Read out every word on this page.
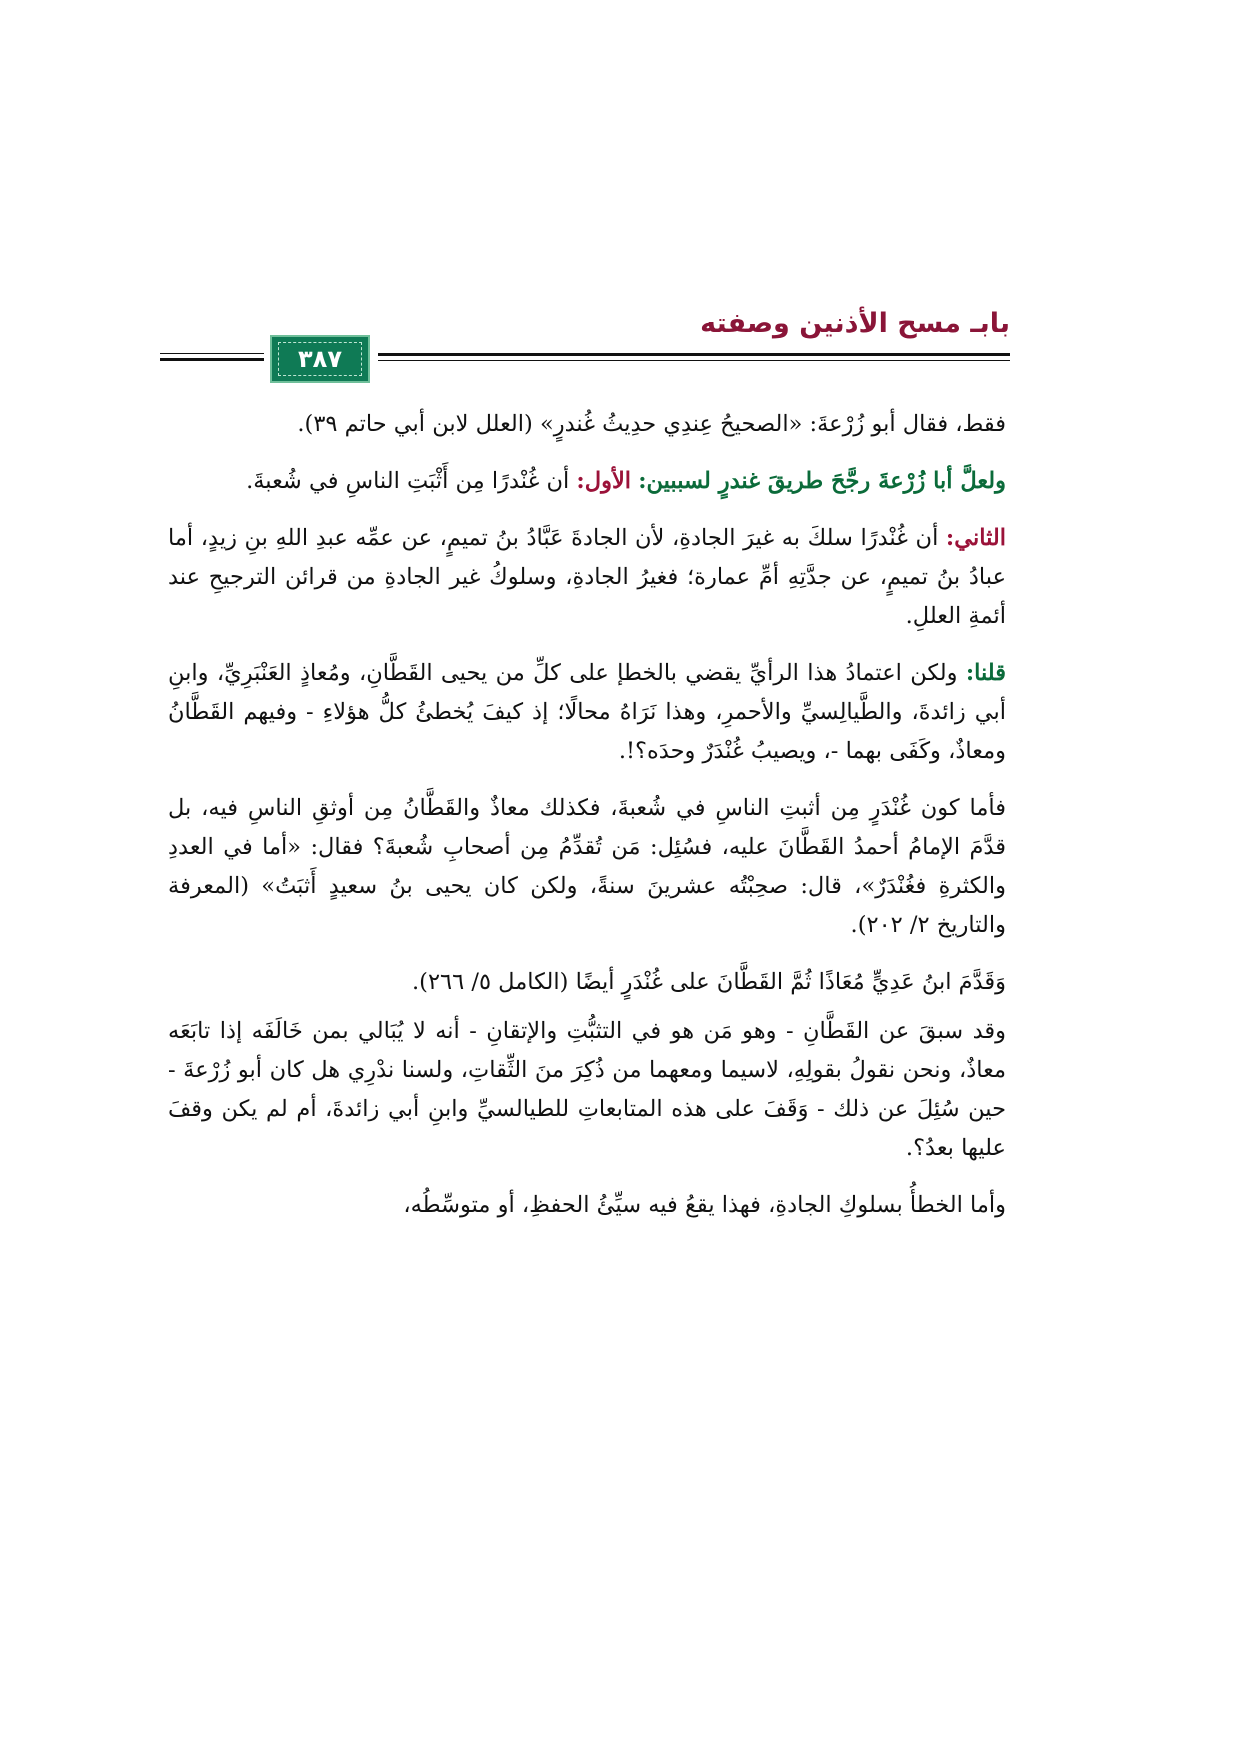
بابـ مسح الأذنين وصفته
٣٨٧

فقط، فقال أبو زُرْعةَ: «الصحيحُ عِندِي حدِيثُ غُندرٍ» (العلل لابن أبي حاتم ٣٩).

ولعلَّ أبا زُرْعةَ رجَّحَ طريقَ غندرٍ لسببين: الأول: أن غُنْدرًا مِن أَثْبَتِ الناسِ في شُعبةَ.

الثاني: أن غُنْدرًا سلكَ به غيرَ الجادةِ، لأن الجادةَ عَبَّادُ بنُ تميمٍ، عن عمِّه عبدِ اللهِ بنِ زيدٍ، أما عبادُ بنُ تميمٍ، عن جدَّتِهِ أمِّ عمارة؛ فغيرُ الجادةِ، وسلوكُ غير الجادةِ من قرائن الترجيحِ عند أئمةِ العللِ.

قلنا: ولكن اعتمادُ هذا الرأيِّ يقضي بالخطإ على كلِّ من يحيى القَطَّانِ، ومُعاذٍ العَنْبَرِيِّ، وابنِ أبي زائدةَ، والطَّيالِسيِّ والأحمرِ، وهذا نَرَاهُ محالًا؛ إذ كيفَ يُخطئُ كلُّ هؤلاءِ - وفيهم القَطَّانُ ومعاذٌ، وكَفَى بهما -، ويصيبُ غُنْدَرٌ وحدَه؟!.

فأما كون غُنْدَرٍ مِن أثبتِ الناسِ في شُعبةَ، فكذلك معاذٌ والقَطَّانُ مِن أوثقِ الناسِ فيه، بل قدَّمَ الإمامُ أحمدُ القَطَّانَ عليه، فسُئِل: مَن تُقدِّمُ مِن أصحابِ شُعبةَ؟ فقال: «أما في العددِ والكثرةِ فغُنْدَرٌ»، قال: صحِبْتُه عشرينَ سنةً، ولكن كان يحيى بنُ سعيدٍ أَثبَتُ» (المعرفة والتاريخ ٢/ ٢٠٢).

وَقَدَّمَ ابنُ عَدِيٍّ مُعَاذًا ثُمَّ القَطَّانَ على غُنْدَرٍ أيضًا (الكامل ٥/ ٢٦٦).

وقد سبقَ عن القَطَّانِ - وهو مَن هو في التثبُّتِ والإتقانِ - أنه لا يُبَالي بمن خَالَفَه إذا تابَعَه معاذٌ، ونحن نقولُ بقولِهِ، لاسيما ومعهما من ذُكِرَ منَ الثِّقاتِ، ولسنا ندْرِي هل كان أبو زُرْعةَ - حين سُئِلَ عن ذلك - وَقَفَ على هذه المتابعاتِ للطيالسيِّ وابنِ أبي زائدةَ، أم لم يكن وقفَ عليها بعدُ؟.

وأما الخطأُ بسلوكِ الجادةِ، فهذا يقعُ فيه سيِّئُ الحفظِ، أو متوسِّطُه،
